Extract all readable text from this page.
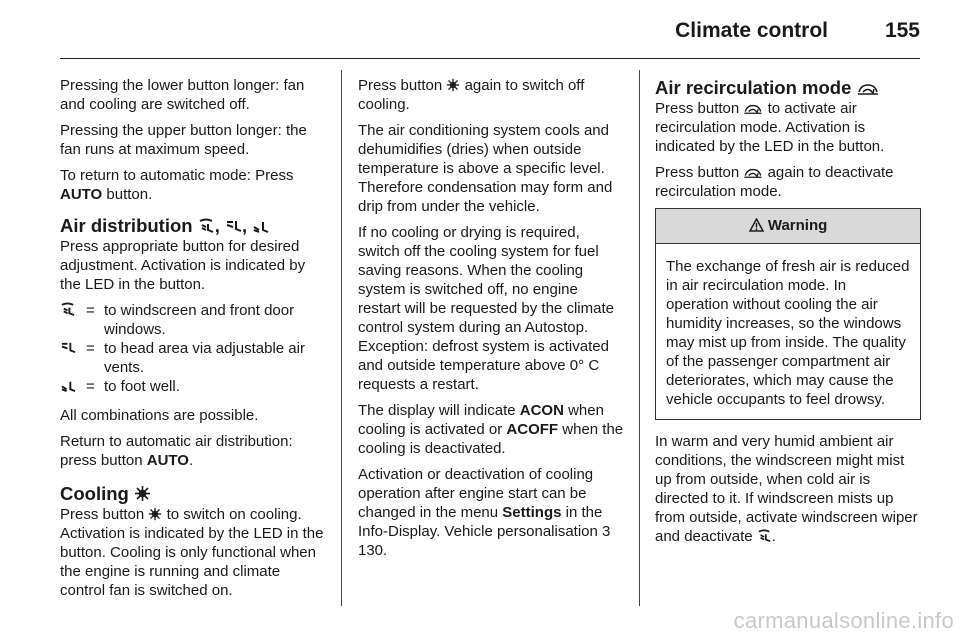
Climate control	155

Pressing the lower button longer: fan and cooling are switched off.

Pressing the upper button longer: the fan runs at maximum speed.

To return to automatic mode: Press
AUTO button.

Air distribution , ,

Press appropriate button for desired adjustment. Activation is indicated by the LED in the button.

= to windscreen and front door windows.
= to head area via adjustable air vents.
= to foot well.

All combinations are possible.

Return to automatic air distribution: press button AUTO.

Cooling

Press button to switch on cooling. Activation is indicated by the LED in the button. Cooling is only functional when the engine is running and climate control fan is switched on.

Press button again to switch off cooling.

The air conditioning system cools and dehumidifies (dries) when outside temperature is above a specific level. Therefore condensation may form and drip from under the vehicle.

If no cooling or drying is required, switch off the cooling system for fuel saving reasons. When the cooling system is switched off, no engine restart will be requested by the climate control system during an Autostop. Exception: defrost system is activated and outside temperature above 0° C requests a restart.

The display will indicate ACON when cooling is activated or ACOFF when the cooling is deactivated.

Activation or deactivation of cooling operation after engine start can be changed in the menu Settings in the Info-Display. Vehicle personalisation 3 130.

Air recirculation mode

Press button to activate air recirculation mode. Activation is indicated by the LED in the button.

Press button again to deactivate recirculation mode.

Warning
The exchange of fresh air is reduced in air recirculation mode. In operation without cooling the air humidity increases, so the windows may mist up from inside. The quality of the passenger compartment air deteriorates, which may cause the vehicle occupants to feel drowsy.

In warm and very humid ambient air conditions, the windscreen might mist up from outside, when cold air is directed to it. If windscreen mists up from outside, activate windscreen wiper and deactivate .

carmanualsonline.info
